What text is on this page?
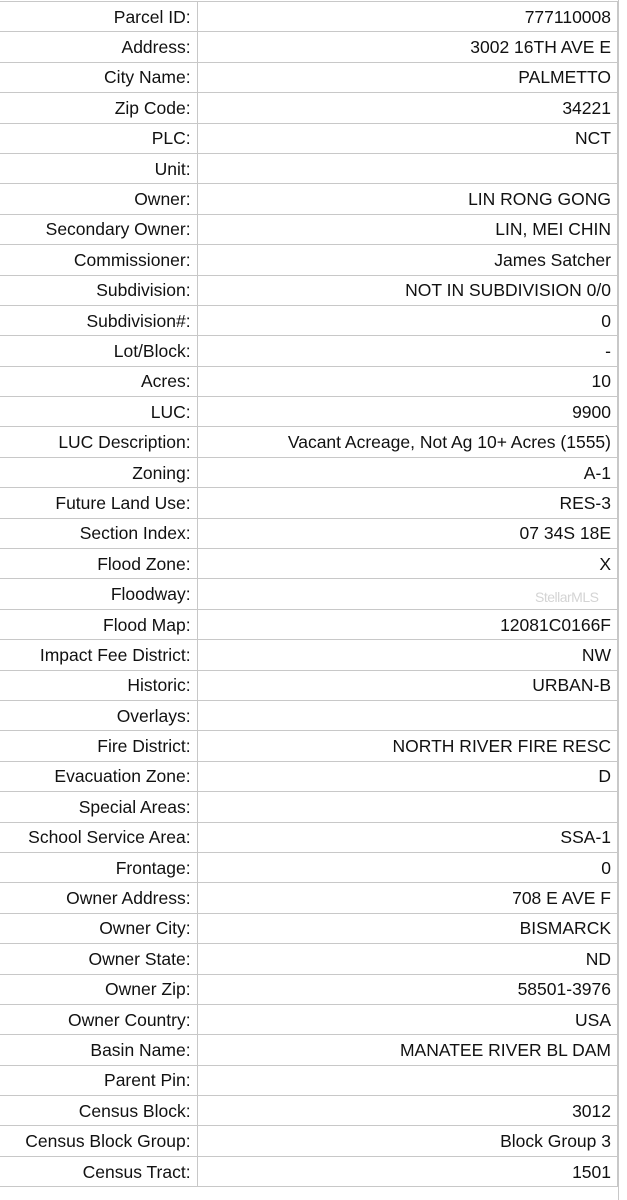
Parcel ID:	777110008
Address:	3002 16TH AVE E
City Name:	PALMETTO
Zip Code:	34221
PLC:	NCT
Unit:	
Owner:	LIN RONG GONG
Secondary Owner:	LIN, MEI CHIN
Commissioner:	James Satcher
Subdivision:	NOT IN SUBDIVISION 0/0
Subdivision#:	0
Lot/Block:	-
Acres:	10
LUC:	9900
LUC Description:	Vacant Acreage, Not Ag 10+ Acres (1555)
Zoning:	A-1
Future Land Use:	RES-3
Section Index:	07 34S 18E
Flood Zone:	X
Floodway:	
Flood Map:	12081C0166F
Impact Fee District:	NW
Historic:	URBAN-B
Overlays:	
Fire District:	NORTH RIVER FIRE RESC
Evacuation Zone:	D
Special Areas:	
School Service Area:	SSA-1
Frontage:	0
Owner Address:	708 E AVE F
Owner City:	BISMARCK
Owner State:	ND
Owner Zip:	58501-3976
Owner Country:	USA
Basin Name:	MANATEE RIVER BL DAM
Parent Pin:	
Census Block:	3012
Census Block Group:	Block Group 3
Census Tract:	1501
StellarMLS
